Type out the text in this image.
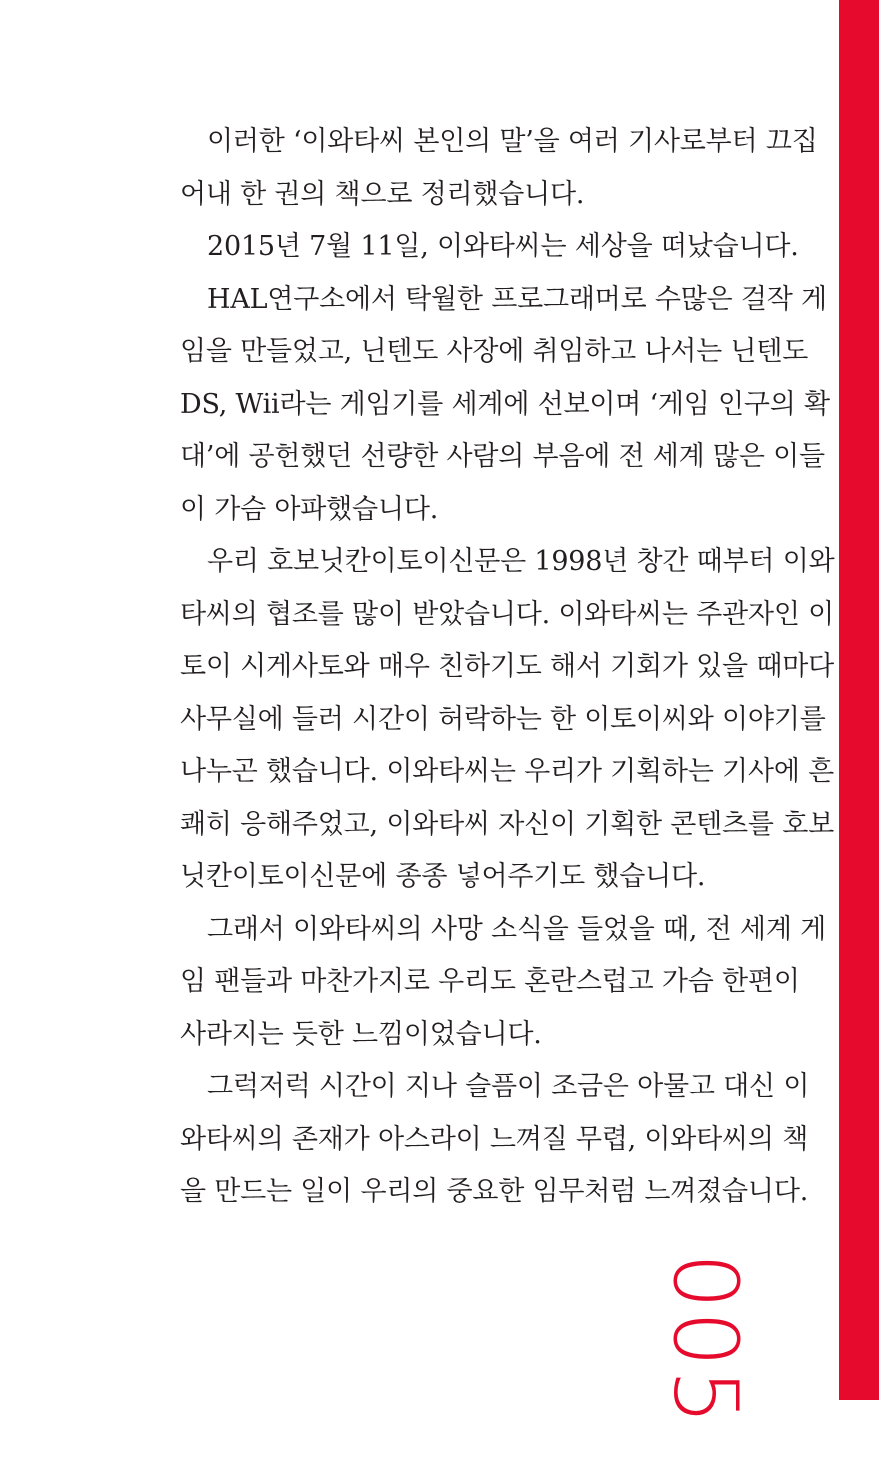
이러한 ‘이와타씨 본인의 말’을 여러 기사로부터 끄집
어내 한 권의 책으로 정리했습니다.
2015년 7월 11일, 이와타씨는 세상을 떠났습니다.
HAL연구소에서 탁월한 프로그래머로 수많은 걸작 게
임을 만들었고, 닌텐도 사장에 취임하고 나서는 닌텐도
DS, Wii라는 게임기를 세계에 선보이며 ‘게임 인구의 확
대’에 공헌했던 선량한 사람의 부음에 전 세계 많은 이들
이 가슴 아파했습니다.
우리 호보닛칸이토이신문은 1998년 창간 때부터 이와
타씨의 협조를 많이 받았습니다. 이와타씨는 주관자인 이
토이 시게사토와 매우 친하기도 해서 기회가 있을 때마다
사무실에 들러 시간이 허락하는 한 이토이씨와 이야기를
나누곤 했습니다. 이와타씨는 우리가 기획하는 기사에 흔
쾌히 응해주었고, 이와타씨 자신이 기획한 콘텐츠를 호보
닛칸이토이신문에 종종 넣어주기도 했습니다.
그래서 이와타씨의 사망 소식을 들었을 때, 전 세계 게
임 팬들과 마찬가지로 우리도 혼란스럽고 가슴 한편이
사라지는 듯한 느낌이었습니다.
그럭저럭 시간이 지나 슬픔이 조금은 아물고 대신 이
와타씨의 존재가 아스라이 느껴질 무렵, 이와타씨의 책
을 만드는 일이 우리의 중요한 임무처럼 느껴졌습니다.
005
